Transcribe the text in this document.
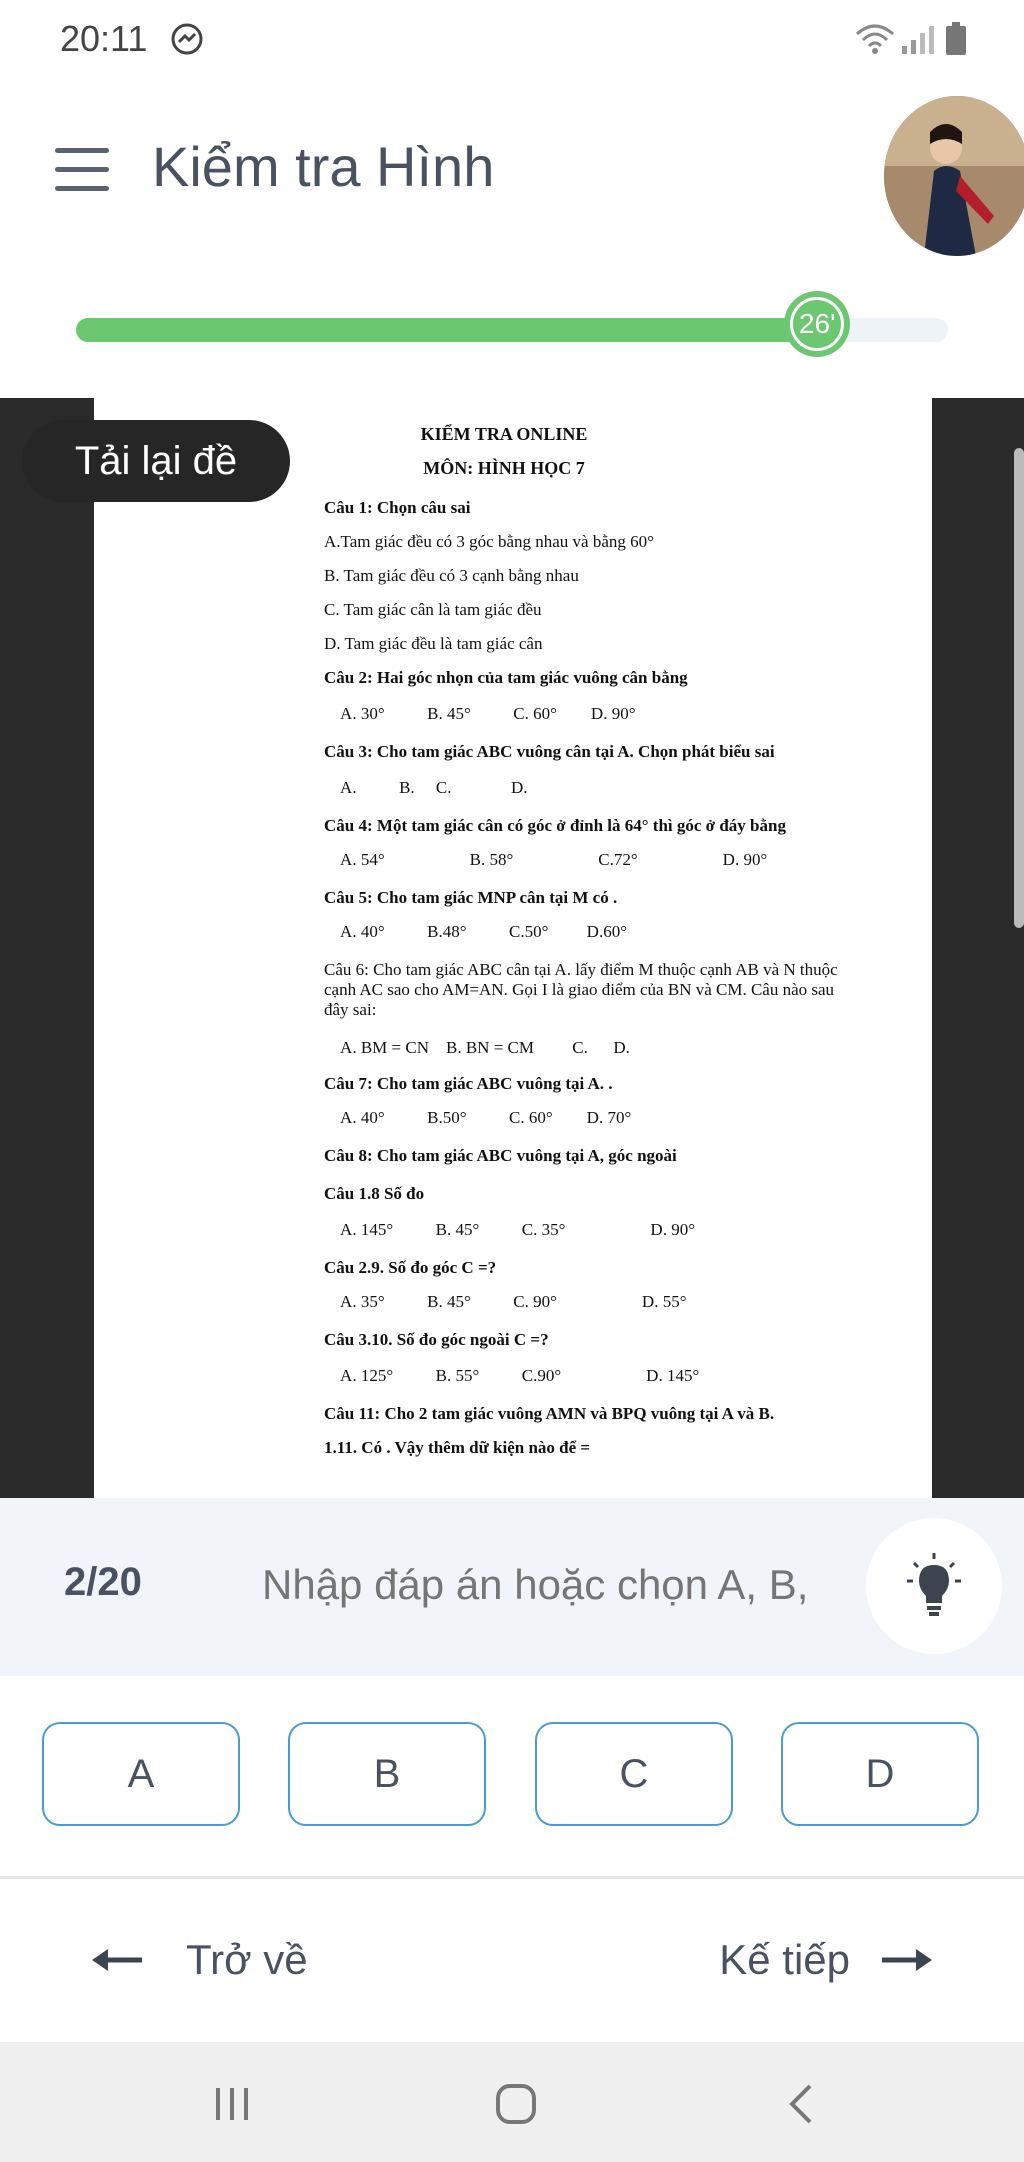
20:11
Kiểm tra Hình
26'
KIỂM TRA ONLINE
MÔN: HÌNH HỌC 7
Câu 1: Chọn câu sai
A.Tam giác đều có 3 góc bằng nhau và bằng 60°
B. Tam giác đều có 3 cạnh bằng nhau
C. Tam giác cân là tam giác đều
D. Tam giác đều là tam giác cân
Câu 2: Hai góc nhọn của tam giác vuông cân bằng
A. 30°          B. 45°          C. 60°        D. 90°
Câu 3: Cho tam giác ABC vuông cân tại A. Chọn phát biểu sai
A.          B.     C.              D.
Câu 4: Một tam giác cân có góc ở đỉnh là 64° thì góc ở đáy bằng
A. 54°                    B. 58°                    C.72°                    D. 90°
Câu 5: Cho tam giác MNP cân tại M có .
A. 40°          B.48°          C.50°         D.60°
Câu 6: Cho tam giác ABC cân tại A. lấy điểm M thuộc cạnh AB và N thuộc
cạnh AC sao cho AM=AN. Gọi I là giao điểm của BN và CM. Câu nào sau
đây sai:
A. BM = CN    B. BN = CM         C.      D.
Câu 7: Cho tam giác ABC vuông tại A. .
A. 40°          B.50°          C. 60°        D. 70°
Câu 8: Cho tam giác ABC vuông tại A, góc ngoài
Câu 1.8 Số đo
A. 145°          B. 45°          C. 35°                    D. 90°
Câu 2.9. Số đo góc C =?
A. 35°          B. 45°          C. 90°                    D. 55°
Câu 3.10. Số đo góc ngoài C =?
A. 125°          B. 55°          C.90°                    D. 145°
Câu 11: Cho 2 tam giác vuông AMN và BPQ vuông tại A và B.
1.11. Có . Vậy thêm dữ kiện nào để =
Tải lại đề
2/20
Nhập đáp án hoặc chọn A, B, C, D
A	B	C	D
Trở về	Kế tiếp
